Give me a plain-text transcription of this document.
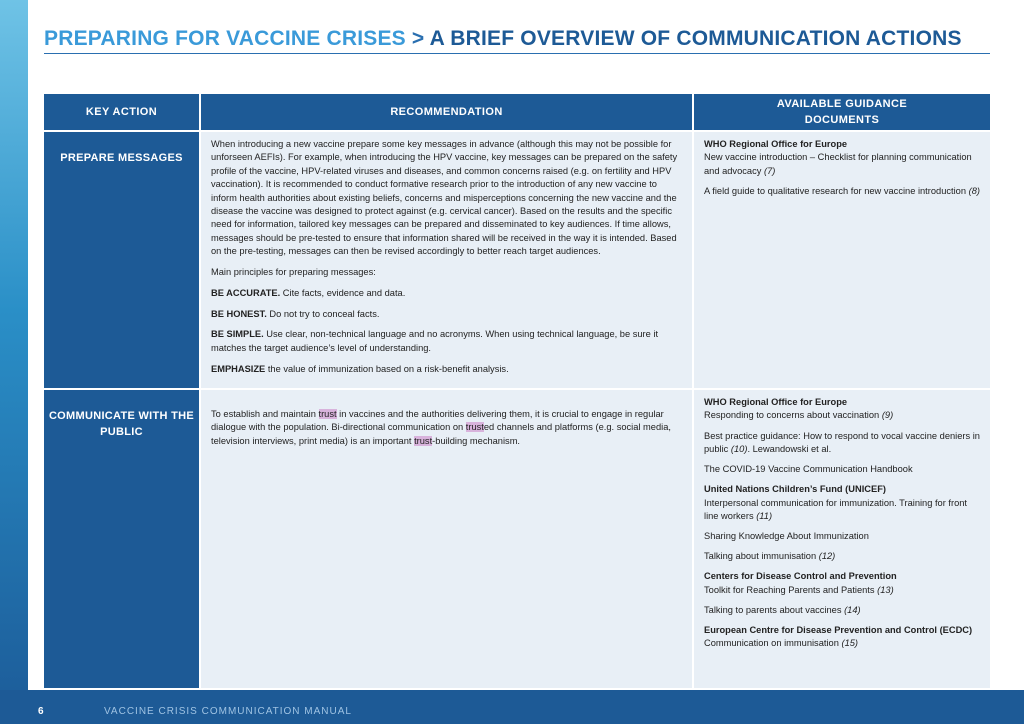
PREPARING FOR VACCINE CRISES > A BRIEF OVERVIEW OF COMMUNICATION ACTIONS
KEY ACTION	RECOMMENDATION
AVAILABLE GUIDANCE DOCUMENTS
PREPARE MESSAGES

When introducing a new vaccine prepare some key messages in advance (although this may not be possible for unforseen AEFIs). For example, when introducing the HPV vaccine, key messages can be prepared on the safety profile of the vaccine, HPV-related viruses and diseases, and common concerns raised (e.g. on fertility and HPV vaccination). It is recommended to conduct formative research prior to the introduction of any new vaccine to inform health authorities about existing beliefs, concerns and misperceptions concerning the new vaccine and the disease the vaccine was designed to protect against (e.g. cervical cancer). Based on the results and the specific need for information, tailored key messages can be prepared and disseminated to key audiences. If time allows, messages should be pre-tested to ensure that information shared will be received in the way it is intended. Based on the pre-testing, messages can then be revised accordingly to better reach target audiences.

Main principles for preparing messages:

BE ACCURATE. Cite facts, evidence and data.

BE HONEST. Do not try to conceal facts.

BE SIMPLE. Use clear, non-technical language and no acronyms. When using technical language, be sure it matches the target audience’s level of understanding.

EMPHASIZE the value of immunization based on a risk-benefit analysis.

WHO Regional Office for Europe
New vaccine introduction – Checklist for planning communication and advocacy (7)
A field guide to qualitative research for new vaccine introduction (8)
COMMUNICATE WITH THE PUBLIC

To establish and maintain trust in vaccines and the authorities delivering them, it is crucial to engage in regular dialogue with the population. Bi-directional communication on trusted channels and platforms (e.g. social media, television interviews, print media) is an important trust-building mechanism.

WHO Regional Office for Europe
Responding to concerns about vaccination (9)
Best practice guidance: How to respond to vocal vaccine deniers in public (10). Lewandowski et al.
The COVID-19 Vaccine Communication Handbook
United Nations Children’s Fund (UNICEF)
Interpersonal communication for immunization. Training for front line workers (11)
Sharing Knowledge About Immunization
Talking about immunisation (12)
Centers for Disease Control and Prevention
Toolkit for Reaching Parents and Patients (13)
Talking to parents about vaccines (14)
European Centre for Disease Prevention and Control (ECDC)
Communication on immunisation (15)
6	VACCINE CRISIS COMMUNICATION MANUAL
